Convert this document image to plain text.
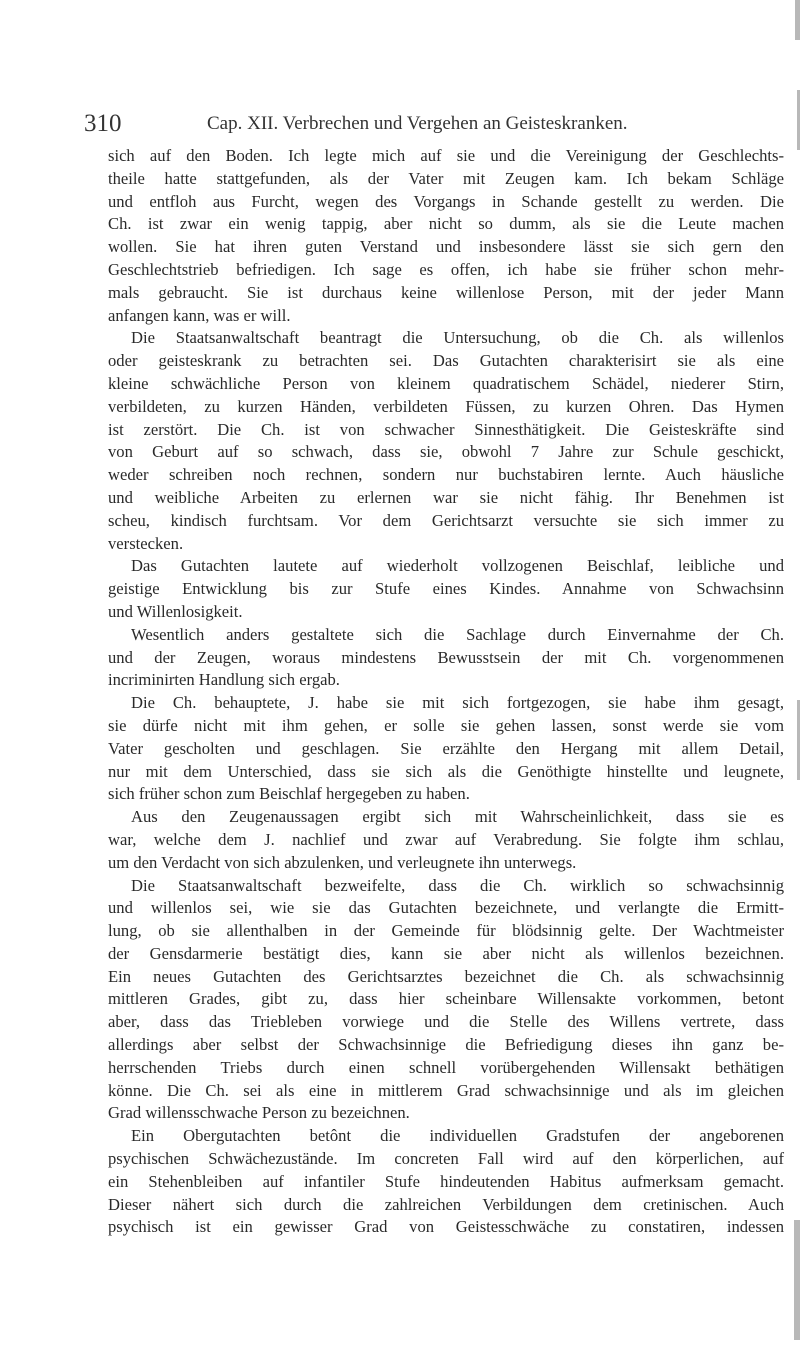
310	Cap. XII. Verbrechen und Vergehen an Geisteskranken.
sich auf den Boden. Ich legte mich auf sie und die Vereinigung der Geschlechts-
theile hatte stattgefunden, als der Vater mit Zeugen kam. Ich bekam Schläge
und entfloh aus Furcht, wegen des Vorgangs in Schande gestellt zu werden. Die
Ch. ist zwar ein wenig tappig, aber nicht so dumm, als sie die Leute machen
wollen. Sie hat ihren guten Verstand und insbesondere lässt sie sich gern den
Geschlechtstrieb befriedigen. Ich sage es offen, ich habe sie früher schon mehr-
mals gebraucht. Sie ist durchaus keine willenlose Person, mit der jeder Mann
anfangen kann, was er will.
Die Staatsanwaltschaft beantragt die Untersuchung, ob die Ch. als willenlos
oder geisteskrank zu betrachten sei. Das Gutachten charakterisirt sie als eine
kleine schwächliche Person von kleinem quadratischem Schädel, niederer Stirn,
verbildeten, zu kurzen Händen, verbildeten Füssen, zu kurzen Ohren. Das Hymen
ist zerstört. Die Ch. ist von schwacher Sinnesthätigkeit. Die Geisteskräfte sind
von Geburt auf so schwach, dass sie, obwohl 7 Jahre zur Schule geschickt,
weder schreiben noch rechnen, sondern nur buchstabiren lernte. Auch häusliche
und weibliche Arbeiten zu erlernen war sie nicht fähig. Ihr Benehmen ist
scheu, kindisch furchtsam. Vor dem Gerichtsarzt versuchte sie sich immer zu
verstecken.
Das Gutachten lautete auf wiederholt vollzogenen Beischlaf, leibliche und
geistige Entwicklung bis zur Stufe eines Kindes. Annahme von Schwachsinn
und Willenlosigkeit.
Wesentlich anders gestaltete sich die Sachlage durch Einvernahme der Ch.
und der Zeugen, woraus mindestens Bewusstsein der mit Ch. vorgenommenen
incriminirten Handlung sich ergab.
Die Ch. behauptete, J. habe sie mit sich fortgezogen, sie habe ihm gesagt,
sie dürfe nicht mit ihm gehen, er solle sie gehen lassen, sonst werde sie vom
Vater gescholten und geschlagen. Sie erzählte den Hergang mit allem Detail,
nur mit dem Unterschied, dass sie sich als die Genöthigte hinstellte und leugnete,
sich früher schon zum Beischlaf hergegeben zu haben.
Aus den Zeugenaussagen ergibt sich mit Wahrscheinlichkeit, dass sie es
war, welche dem J. nachlief und zwar auf Verabredung. Sie folgte ihm schlau,
um den Verdacht von sich abzulenken, und verleugnete ihn unterwegs.
Die Staatsanwaltschaft bezweifelte, dass die Ch. wirklich so schwachsinnig
und willenlos sei, wie sie das Gutachten bezeichnete, und verlangte die Ermitt-
lung, ob sie allenthalben in der Gemeinde für blödsinnig gelte. Der Wachtmeister
der Gensdarmerie bestätigt dies, kann sie aber nicht als willenlos bezeichnen.
Ein neues Gutachten des Gerichtsarztes bezeichnet die Ch. als schwachsinnig
mittleren Grades, gibt zu, dass hier scheinbare Willensakte vorkommen, betont
aber, dass das Triebleben vorwiege und die Stelle des Willens vertrete, dass
allerdings aber selbst der Schwachsinnige die Befriedigung dieses ihn ganz be-
herrschenden Triebs durch einen schnell vorübergehenden Willensakt bethätigen
könne. Die Ch. sei als eine in mittlerem Grad schwachsinnige und als im gleichen
Grad willensschwache Person zu bezeichnen.
Ein Obergutachten betônt die individuellen Gradstufen der angeborenen
psychischen Schwächezustände. Im concreten Fall wird auf den körperlichen, auf
ein Stehenbleiben auf infantiler Stufe hindeutenden Habitus aufmerksam gemacht.
Dieser nähert sich durch die zahlreichen Verbildungen dem cretinischen. Auch
psychisch ist ein gewisser Grad von Geistesschwäche zu constatiren, indessen
